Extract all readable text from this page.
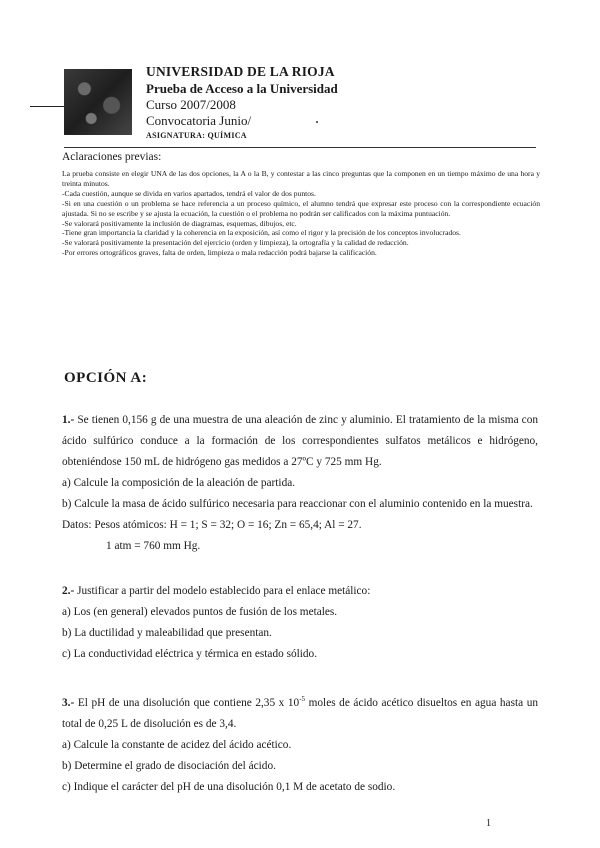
UNIVERSIDAD DE LA RIOJA
Prueba de Acceso a la Universidad
Curso 2007/2008
Convocatoria Junio/
ASIGNATURA: QUÍMICA
Aclaraciones previas:

La prueba consiste en elegir UNA de las dos opciones, la A o la B, y contestar a las cinco preguntas que la componen en un tiempo máximo de una hora y treinta minutos.

-Cada cuestión, aunque se divida en varios apartados, tendrá el valor de dos puntos.

-Si en una cuestión o un problema se hace referencia a un proceso químico, el alumno tendrá que expresar este proceso con la correspondiente ecuación ajustada. Si no se escribe y se ajusta la ecuación, la cuestión o el problema no podrán ser calificados con la máxima puntuación.

-Se valorará positivamente la inclusión de diagramas, esquemas, dibujos, etc.

-Tiene gran importancia la claridad y la coherencia en la exposición, así como el rigor y la precisión de los conceptos involucrados.

-Se valorará positivamente la presentación del ejercicio (orden y limpieza), la ortografía y la calidad de redacción.

-Por errores ortográficos graves, falta de orden, limpieza o mala redacción podrá bajarse la calificación.

OPCIÓN A:

1.- Se tienen 0,156 g de una muestra de una aleación de zinc y aluminio. El tratamiento de la misma con ácido sulfúrico conduce a la formación de los correspondientes sulfatos metálicos e hidrógeno, obteniéndose 150 mL de hidrógeno gas medidos a 27ºC y 725 mm Hg.

a) Calcule la composición de la aleación de partida.

b) Calcule la masa de ácido sulfúrico necesaria para reaccionar con el aluminio contenido en la muestra.

Datos: Pesos atómicos: H = 1; S = 32; O = 16; Zn = 65,4; Al = 27.

1 atm = 760 mm Hg.

2.- Justificar a partir del modelo establecido para el enlace metálico:

a) Los (en general) elevados puntos de fusión de los metales.

b) La ductilidad y maleabilidad que presentan.

c) La conductividad eléctrica y térmica en estado sólido.

3.- El pH de una disolución que contiene 2,35 x $10^{-5}$ moles de ácido acético disueltos en agua hasta un total de 0,25 L de disolución es de 3,4.

a) Calcule la constante de acidez del ácido acético.

b) Determine el grado de disociación del ácido.

c) Indique el carácter del pH de una disolución 0,1 M de acetato de sodio.

1
